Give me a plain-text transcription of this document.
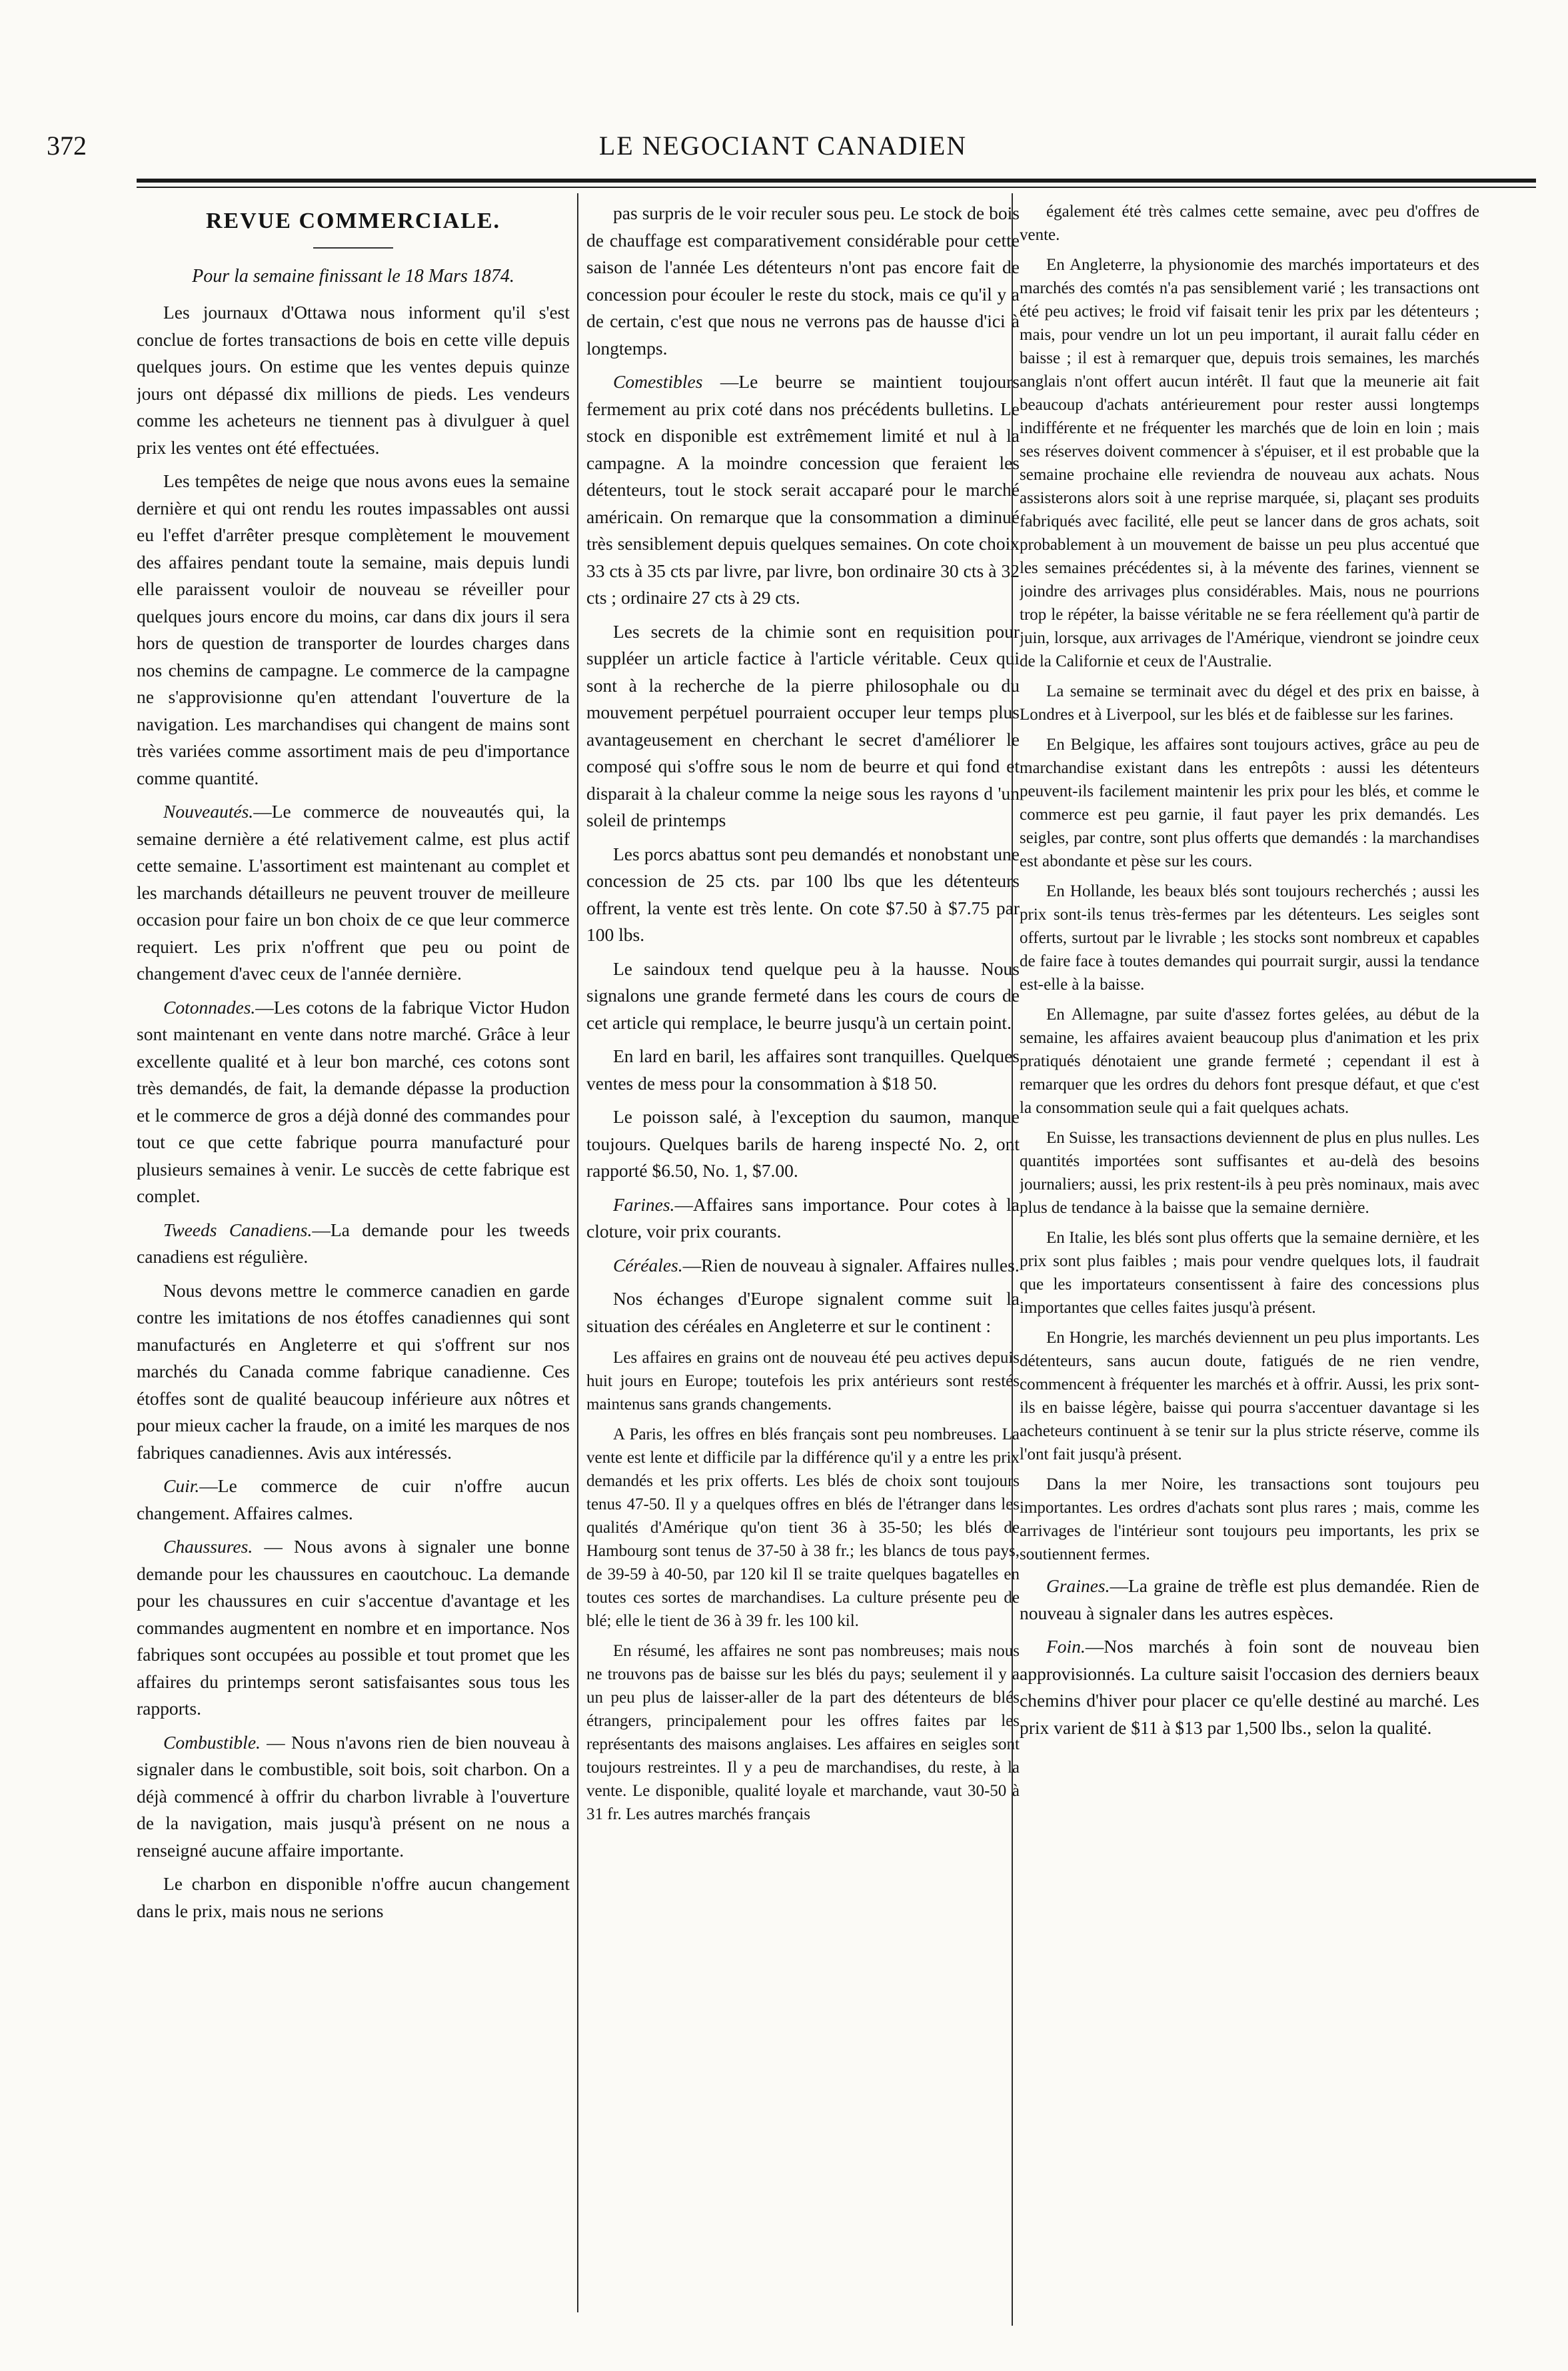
372	LE NEGOCIANT CANADIEN
REVUE COMMERCIALE.
Pour la semaine finissant le 18 Mars 1874.

Les journaux d'Ottawa nous informent qu'il s'est conclue de fortes transactions de bois en cette ville depuis quelques jours. On estime que les ventes depuis quinze jours ont dépassé dix millions de pieds. Les vendeurs comme les acheteurs ne tiennent pas à divulguer à quel prix les ventes ont été effectuées.

Les tempêtes de neige que nous avons eues la semaine dernière et qui ont rendu les routes impassables ont aussi eu l'effet d'arrêter presque complètement le mouvement des affaires pendant toute la semaine, mais depuis lundi elle paraissent vouloir de nouveau se réveiller pour quelques jours encore du moins, car dans dix jours il sera hors de question de transporter de lourdes charges dans nos chemins de campagne. Le commerce de la campagne ne s'approvisionne qu'en attendant l'ouverture de la navigation. Les marchandises qui changent de mains sont très variées comme assortiment mais de peu d'importance comme quantité.

Nouveautés.—Le commerce de nouveautés qui, la semaine dernière a été relativement calme, est plus actif cette semaine. L'assortiment est maintenant au complet et les marchands détailleurs ne peuvent trouver de meilleure occasion pour faire un bon choix de ce que leur commerce requiert. Les prix n'offrent que peu ou point de changement d'avec ceux de l'année dernière.

Cotonnades.—Les cotons de la fabrique Victor Hudon sont maintenant en vente dans notre marché. Grâce à leur excellente qualité et à leur bon marché, ces cotons sont très demandés, de fait, la demande dépasse la production et le commerce de gros a déjà donné des commandes pour tout ce que cette fabrique pourra manufacturé pour plusieurs semaines à venir. Le succès de cette fabrique est complet.

Tweeds Canadiens.—La demande pour les tweeds canadiens est régulière.

Nous devons mettre le commerce canadien en garde contre les imitations de nos étoffes canadiennes qui sont manufacturés en Angleterre et qui s'offrent sur nos marchés du Canada comme fabrique canadienne. Ces étoffes sont de qualité beaucoup inférieure aux nôtres et pour mieux cacher la fraude, on a imité les marques de nos fabriques canadiennes. Avis aux intéressés.

Cuir.—Le commerce de cuir n'offre aucun changement. Affaires calmes.

Chaussures. — Nous avons à signaler une bonne demande pour les chaussures en caoutchouc. La demande pour les chaussures en cuir s'accentue d'avantage et les commandes augmentent en nombre et en importance. Nos fabriques sont occupées au possible et tout promet que les affaires du printemps seront satisfaisantes sous tous les rapports.

Combustible. — Nous n'avons rien de bien nouveau à signaler dans le combustible, soit bois, soit charbon. On a déjà commencé à offrir du charbon livrable à l'ouverture de la navigation, mais jusqu'à présent on ne nous a renseigné aucune affaire importante.

Le charbon en disponible n'offre aucun changement dans le prix, mais nous ne serions

pas surpris de le voir reculer sous peu. Le stock de bois de chauffage est comparativement considérable pour cette saison de l'année Les détenteurs n'ont pas encore fait de concession pour écouler le reste du stock, mais ce qu'il y a de certain, c'est que nous ne verrons pas de hausse d'ici à longtemps.

Comestibles —Le beurre se maintient toujours fermement au prix coté dans nos précédents bulletins. Le stock en disponible est extrêmement limité et nul à la campagne. A la moindre concession que feraient les détenteurs, tout le stock serait accaparé pour le marché américain. On remarque que la consommation a diminué très sensiblement depuis quelques semaines. On cote choix 33 cts à 35 cts par livre, par livre, bon ordinaire 30 cts à 32 cts ; ordinaire 27 cts à 29 cts.

Les secrets de la chimie sont en requisition pour suppléer un article factice à l'article véritable. Ceux qui sont à la recherche de la pierre philosophale ou du mouvement perpétuel pourraient occuper leur temps plus avantageusement en cherchant le secret d'améliorer le composé qui s'offre sous le nom de beurre et qui fond et disparait à la chaleur comme la neige sous les rayons d 'un soleil de printemps

Les porcs abattus sont peu demandés et nonobstant une concession de 25 cts. par 100 lbs que les détenteurs offrent, la vente est très lente. On cote $7.50 à $7.75 par 100 lbs.

Le saindoux tend quelque peu à la hausse. Nous signalons une grande fermeté dans les cours de cours de cet article qui remplace, le beurre jusqu'à un certain point.

En lard en baril, les affaires sont tranquilles. Quelques ventes de mess pour la consommation à $18 50.

Le poisson salé, à l'exception du saumon, manque toujours. Quelques barils de hareng inspecté No. 2, ont rapporté $6.50, No. 1, $7.00.

Farines.—Affaires sans importance. Pour cotes à la cloture, voir prix courants.

Céréales.—Rien de nouveau à signaler. Affaires nulles.

Nos échanges d'Europe signalent comme suit la situation des céréales en Angleterre et sur le continent :

Les affaires en grains ont de nouveau été peu actives depuis huit jours en Europe; toutefois les prix antérieurs sont restés maintenus sans grands changements.

A Paris, les offres en blés français sont peu nombreuses. La vente est lente et difficile par la différence qu'il y a entre les prix demandés et les prix offerts. Les blés de choix sont toujours tenus 47-50. Il y a quelques offres en blés de l'étranger dans les qualités d'Amérique qu'on tient 36 à 35-50; les blés de Hambourg sont tenus de 37-50 à 38 fr.; les blancs de tous pays, de 39-59 à 40-50, par 120 kil Il se traite quelques bagatelles en toutes ces sortes de marchandises. La culture présente peu de blé; elle le tient de 36 à 39 fr. les 100 kil.

En résumé, les affaires ne sont pas nombreuses; mais nous ne trouvons pas de baisse sur les blés du pays; seulement il y a un peu plus de laisser-aller de la part des détenteurs de blés étrangers, principalement pour les offres faites par les représentants des maisons anglaises. Les affaires en seigles sont toujours restreintes. Il y a peu de marchandises, du reste, à la vente. Le disponible, qualité loyale et marchande, vaut 30-50 à 31 fr. Les autres marchés français

également été très calmes cette semaine, avec peu d'offres de vente.

En Angleterre, la physionomie des marchés importateurs et des marchés des comtés n'a pas sensiblement varié ; les transactions ont été peu actives; le froid vif faisait tenir les prix par les détenteurs ; mais, pour vendre un lot un peu important, il aurait fallu céder en baisse ; il est à remarquer que, depuis trois semaines, les marchés anglais n'ont offert aucun intérêt. Il faut que la meunerie ait fait beaucoup d'achats antérieurement pour rester aussi longtemps indifférente et ne fréquenter les marchés que de loin en loin ; mais ses réserves doivent commencer à s'épuiser, et il est probable que la semaine prochaine elle reviendra de nouveau aux achats. Nous assisterons alors soit à une reprise marquée, si, plaçant ses produits fabriqués avec facilité, elle peut se lancer dans de gros achats, soit probablement à un mouvement de baisse un peu plus accentué que les semaines précédentes si, à la mévente des farines, viennent se joindre des arrivages plus considérables. Mais, nous ne pourrions trop le répéter, la baisse véritable ne se fera réellement qu'à partir de juin, lorsque, aux arrivages de l'Amérique, viendront se joindre ceux de la Californie et ceux de l'Australie.

La semaine se terminait avec du dégel et des prix en baisse, à Londres et à Liverpool, sur les blés et de faiblesse sur les farines.

En Belgique, les affaires sont toujours actives, grâce au peu de marchandise existant dans les entrepôts : aussi les détenteurs peuvent-ils facilement maintenir les prix pour les blés, et comme le commerce est peu garnie, il faut payer les prix demandés. Les seigles, par contre, sont plus offerts que demandés : la marchandises est abondante et pèse sur les cours.

En Hollande, les beaux blés sont toujours recherchés ; aussi les prix sont-ils tenus très-fermes par les détenteurs. Les seigles sont offerts, surtout par le livrable ; les stocks sont nombreux et capables de faire face à toutes demandes qui pourrait surgir, aussi la tendance est-elle à la baisse.

En Allemagne, par suite d'assez fortes gelées, au début de la semaine, les affaires avaient beaucoup plus d'animation et les prix pratiqués dénotaient une grande fermeté ; cependant il est à remarquer que les ordres du dehors font presque défaut, et que c'est la consommation seule qui a fait quelques achats.

En Suisse, les transactions deviennent de plus en plus nulles. Les quantités importées sont suffisantes et au-delà des besoins journaliers; aussi, les prix restent-ils à peu près nominaux, mais avec plus de tendance à la baisse que la semaine dernière.

En Italie, les blés sont plus offerts que la semaine dernière, et les prix sont plus faibles ; mais pour vendre quelques lots, il faudrait que les importateurs consentissent à faire des concessions plus importantes que celles faites jusqu'à présent.

En Hongrie, les marchés deviennent un peu plus importants. Les détenteurs, sans aucun doute, fatigués de ne rien vendre, commencent à fréquenter les marchés et à offrir. Aussi, les prix sont-ils en baisse légère, baisse qui pourra s'accentuer davantage si les acheteurs continuent à se tenir sur la plus stricte réserve, comme ils l'ont fait jusqu'à présent.

Dans la mer Noire, les transactions sont toujours peu importantes. Les ordres d'achats sont plus rares ; mais, comme les arrivages de l'intérieur sont toujours peu importants, les prix se soutiennent fermes.

Graines.—La graine de trèfle est plus demandée. Rien de nouveau à signaler dans les autres espèces.

Foin.—Nos marchés à foin sont de nouveau bien approvisionnés. La culture saisit l'occasion des derniers beaux chemins d'hiver pour placer ce qu'elle destiné au marché. Les prix varient de $11 à $13 par 1,500 lbs., selon la qualité.
